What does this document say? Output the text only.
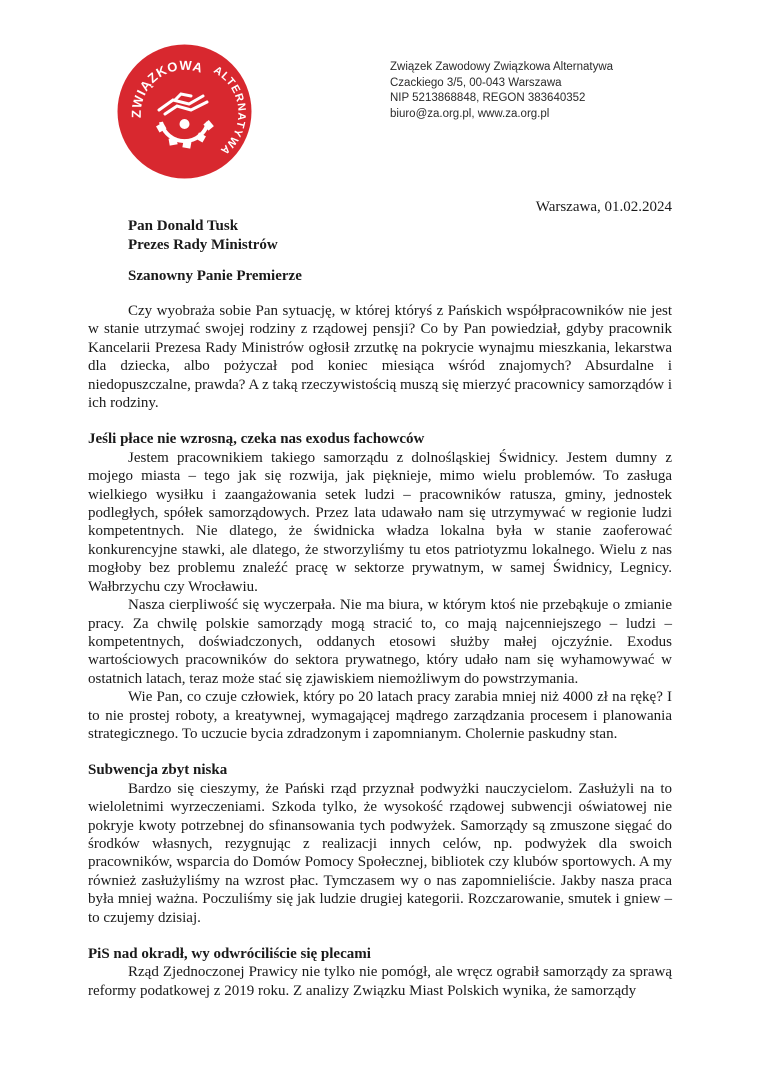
ZWIĄZKOWA ALTERNATYWA
Związek Zawodowy Związkowa Alternatywa
Czackiego 3/5, 00-043 Warszawa
NIP 5213868848, REGON 383640352
biuro@za.org.pl, www.za.org.pl
Warszawa, 01.02.2024
Pan Donald Tusk
Prezes Rady Ministrów
Szanowny Panie Premierze

Czy wyobraża sobie Pan sytuację, w której któryś z Pańskich współpracowników nie jest w stanie utrzymać swojej rodziny z rządowej pensji? Co by Pan powiedział, gdyby pracownik Kancelarii Prezesa Rady Ministrów ogłosił zrzutkę na pokrycie wynajmu mieszkania, lekarstwa dla dziecka, albo pożyczał pod koniec miesiąca wśród znajomych? Absurdalne i niedopuszczalne, prawda? A z taką rzeczywistością muszą się mierzyć pracownicy samorządów i ich rodziny.

Jeśli płace nie wzrosną, czeka nas exodus fachowców

Jestem pracownikiem takiego samorządu z dolnośląskiej Świdnicy. Jestem dumny z mojego miasta – tego jak się rozwija, jak pięknieje, mimo wielu problemów. To zasługa wielkiego wysiłku i zaangażowania setek ludzi – pracowników ratusza, gminy, jednostek podległych, spółek samorządowych. Przez lata udawało nam się utrzymywać w regionie ludzi kompetentnych. Nie dlatego, że świdnicka władza lokalna była w stanie zaoferować konkurencyjne stawki, ale dlatego, że stworzyliśmy tu etos patriotyzmu lokalnego. Wielu z nas mogłoby bez problemu znaleźć pracę w sektorze prywatnym, w samej Świdnicy, Legnicy. Wałbrzychu czy Wrocławiu.

Nasza cierpliwość się wyczerpała. Nie ma biura, w którym ktoś nie przebąkuje o zmianie pracy. Za chwilę polskie samorządy mogą stracić to, co mają najcenniejszego – ludzi – kompetentnych, doświadczonych, oddanych etosowi służby małej ojczyźnie. Exodus wartościowych pracowników do sektora prywatnego, który udało nam się wyhamowywać w ostatnich latach, teraz może stać się zjawiskiem niemożliwym do powstrzymania.

Wie Pan, co czuje człowiek, który po 20 latach pracy zarabia mniej niż 4000 zł na rękę? I to nie prostej roboty, a kreatywnej, wymagającej mądrego zarządzania procesem i planowania strategicznego. To uczucie bycia zdradzonym i zapomnianym. Cholernie paskudny stan.

Subwencja zbyt niska

Bardzo się cieszymy, że Pański rząd przyznał podwyżki nauczycielom. Zasłużyli na to wieloletnimi wyrzeczeniami. Szkoda tylko, że wysokość rządowej subwencji oświatowej nie pokryje kwoty potrzebnej do sfinansowania tych podwyżek. Samorządy są zmuszone sięgać do środków własnych, rezygnując z realizacji innych celów, np. podwyżek dla swoich pracowników, wsparcia do Domów Pomocy Społecznej, bibliotek czy klubów sportowych. A my również zasłużyliśmy na wzrost płac. Tymczasem wy o nas zapomnieliście. Jakby nasza praca była mniej ważna. Poczuliśmy się jak ludzie drugiej kategorii. Rozczarowanie, smutek i gniew – to czujemy dzisiaj.

PiS nad okradł, wy odwróciliście się plecami

Rząd Zjednoczonej Prawicy nie tylko nie pomógł, ale wręcz ograbił samorządy za sprawą reformy podatkowej z 2019 roku. Z analizy Związku Miast Polskich wynika, że samorządy
